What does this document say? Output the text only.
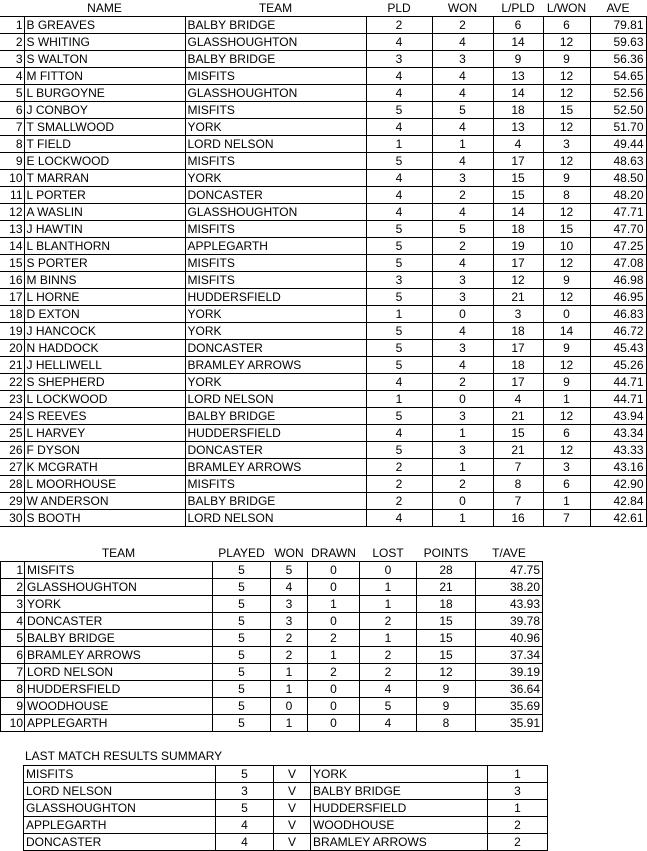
	NAME	TEAM	PLD	WON	L/PLD	L/WON	AVE
1	B GREAVES	BALBY BRIDGE	2	2	6	6	79.81
2	S WHITING	GLASSHOUGHTON	4	4	14	12	59.63
3	S WALTON	BALBY BRIDGE	3	3	9	9	56.36
4	M FITTON	MISFITS	4	4	13	12	54.65
5	L BURGOYNE	GLASSHOUGHTON	4	4	14	12	52.56
6	J CONBOY	MISFITS	5	5	18	15	52.50
7	T SMALLWOOD	YORK	4	4	13	12	51.70
8	T FIELD	LORD NELSON	1	1	4	3	49.44
9	E LOCKWOOD	MISFITS	5	4	17	12	48.63
10	T MARRAN	YORK	4	3	15	9	48.50
11	L PORTER	DONCASTER	4	2	15	8	48.20
12	A WASLIN	GLASSHOUGHTON	4	4	14	12	47.71
13	J HAWTIN	MISFITS	5	5	18	15	47.70
14	L BLANTHORN	APPLEGARTH	5	2	19	10	47.25
15	S PORTER	MISFITS	5	4	17	12	47.08
16	M BINNS	MISFITS	3	3	12	9	46.98
17	L HORNE	HUDDERSFIELD	5	3	21	12	46.95
18	D EXTON	YORK	1	0	3	0	46.83
19	J HANCOCK	YORK	5	4	18	14	46.72
20	N HADDOCK	DONCASTER	5	3	17	9	45.43
21	J HELLIWELL	BRAMLEY ARROWS	5	4	18	12	45.26
22	S SHEPHERD	YORK	4	2	17	9	44.71
23	L LOCKWOOD	LORD NELSON	1	0	4	1	44.71
24	S REEVES	BALBY BRIDGE	5	3	21	12	43.94
25	L HARVEY	HUDDERSFIELD	4	1	15	6	43.34
26	F DYSON	DONCASTER	5	3	21	12	43.33
27	K MCGRATH	BRAMLEY ARROWS	2	1	7	3	43.16
28	L MOORHOUSE	MISFITS	2	2	8	6	42.90
29	W ANDERSON	BALBY BRIDGE	2	0	7	1	42.84
30	S BOOTH	LORD NELSON	4	1	16	7	42.61
	TEAM	PLAYED	WON	DRAWN	LOST	POINTS	T/AVE
1	MISFITS	5	5	0	0	28	47.75
2	GLASSHOUGHTON	5	4	0	1	21	38.20
3	YORK	5	3	1	1	18	43.93
4	DONCASTER	5	3	0	2	15	39.78
5	BALBY BRIDGE	5	2	2	1	15	40.96
6	BRAMLEY ARROWS	5	2	1	2	15	37.34
7	LORD NELSON	5	1	2	2	12	39.19
8	HUDDERSFIELD	5	1	0	4	9	36.64
9	WOODHOUSE	5	0	0	5	9	35.69
10	APPLEGARTH	5	1	0	4	8	35.91
LAST MATCH RESULTS SUMMARY
MISFITS	5	V	YORK	1
LORD NELSON	3	V	BALBY BRIDGE	3
GLASSHOUGHTON	5	V	HUDDERSFIELD	1
APPLEGARTH	4	V	WOODHOUSE	2
DONCASTER	4	V	BRAMLEY ARROWS	2
